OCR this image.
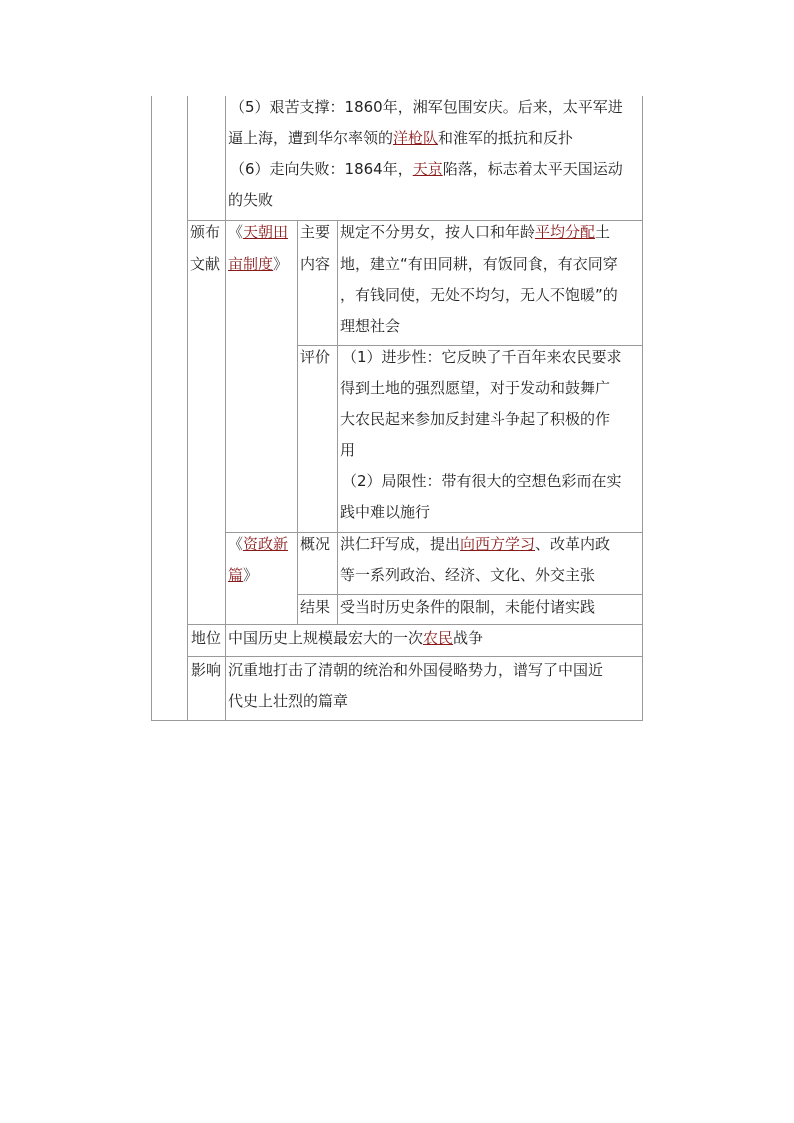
（5）艰苦支撑：1860年，湘军包围安庆。后来，太平军进
逼上海，遭到华尔率领的洋枪队和淮军的抵抗和反扑
（6）走向失败：1864年，天京陷落，标志着太平天国运动
的失败
颁布
文献
《天朝田
亩制度》
主要
内容
规定不分男女，按人口和年龄平均分配土
地，建立“有田同耕，有饭同食，有衣同穿
，有钱同使，无处不均匀，无人不饱暖”的
理想社会
评价 （1）进步性：它反映了千百年来农民要求
得到土地的强烈愿望，对于发动和鼓舞广
大农民起来参加反封建斗争起了积极的作
用
（2）局限性：带有很大的空想色彩而在实
践中难以施行
《资政新
篇》
概况 洪仁玕写成，提出向西方学习、改革内政
等一系列政治、经济、文化、外交主张
结果 受当时历史条件的限制，未能付诸实践
地位 中国历史上规模最宏大的一次农民战争
影响 沉重地打击了清朝的统治和外国侵略势力，谱写了中国近
代史上壮烈的篇章
